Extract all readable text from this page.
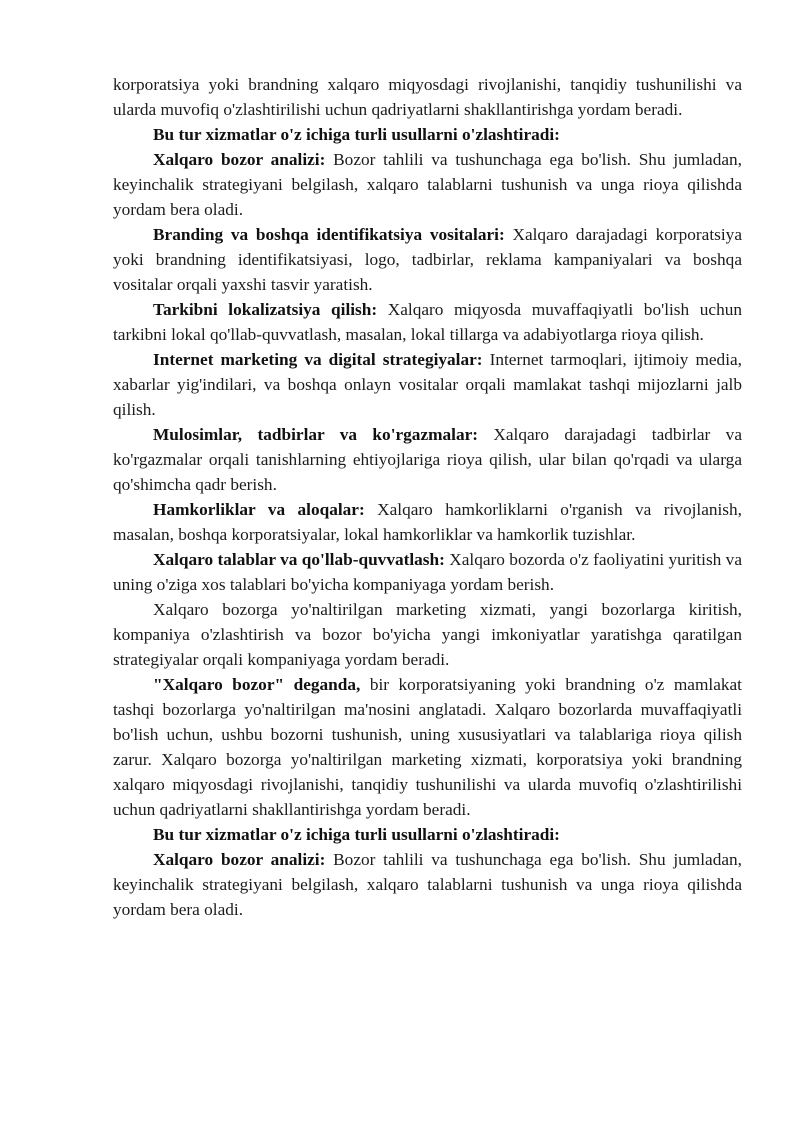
korporatsiya yoki brandning xalqaro miqyosdagi rivojlanishi, tanqidiy tushunilishi va ularda muvofiq o'zlashtirilishi uchun qadriyatlarni shakllantirishga yordam beradi.

Bu tur xizmatlar o'z ichiga turli usullarni o'zlashtiradi:

Xalqaro bozor analizi: Bozor tahlili va tushunchaga ega bo'lish. Shu jumladan, keyinchalik strategiyani belgilash, xalqaro talablarni tushunish va unga rioya qilishda yordam bera oladi.

Branding va boshqa identifikatsiya vositalari: Xalqaro darajadagi korporatsiya yoki brandning identifikatsiyasi, logo, tadbirlar, reklama kampaniyalari va boshqa vositalar orqali yaxshi tasvir yaratish.

Tarkibni lokalizatsiya qilish: Xalqaro miqyosda muvaffaqiyatli bo'lish uchun tarkibni lokal qo'llab-quvvatlash, masalan, lokal tillarga va adabiyotlarga rioya qilish.

Internet marketing va digital strategiyalar: Internet tarmoqlari, ijtimoiy media, xabarlar yig'indilari, va boshqa onlayn vositalar orqali mamlakat tashqi mijozlarni jalb qilish.

Mulosimlar, tadbirlar va ko'rgazmalar: Xalqaro darajadagi tadbirlar va ko'rgazmalar orqali tanishlarning ehtiyojlariga rioya qilish, ular bilan qo'rqadi va ularga qo'shimcha qadr berish.

Hamkorliklar va aloqalar: Xalqaro hamkorliklarni o'rganish va rivojlanish, masalan, boshqa korporatsiyalar, lokal hamkorliklar va hamkorlik tuzishlar.

Xalqaro talablar va qo'llab-quvvatlash: Xalqaro bozorda o'z faoliyatini yuritish va uning o'ziga xos talablari bo'yicha kompaniyaga yordam berish.

Xalqaro bozorga yo'naltirilgan marketing xizmati, yangi bozorlarga kiritish, kompaniya o'zlashtirish va bozor bo'yicha yangi imkoniyatlar yaratishga qaratilgan strategiyalar orqali kompaniyaga yordam beradi.

"Xalqaro bozor" deganda, bir korporatsiyaning yoki brandning o'z mamlakat tashqi bozorlarga yo'naltirilgan ma'nosini anglatadi. Xalqaro bozorlarda muvaffaqiyatli bo'lish uchun, ushbu bozorni tushunish, uning xususiyatlari va talablariga rioya qilish zarur. Xalqaro bozorga yo'naltirilgan marketing xizmati, korporatsiya yoki brandning xalqaro miqyosdagi rivojlanishi, tanqidiy tushunilishi va ularda muvofiq o'zlashtirilishi uchun qadriyatlarni shakllantirishga yordam beradi.

Bu tur xizmatlar o'z ichiga turli usullarni o'zlashtiradi:

Xalqaro bozor analizi: Bozor tahlili va tushunchaga ega bo'lish. Shu jumladan, keyinchalik strategiyani belgilash, xalqaro talablarni tushunish va unga rioya qilishda yordam bera oladi.
